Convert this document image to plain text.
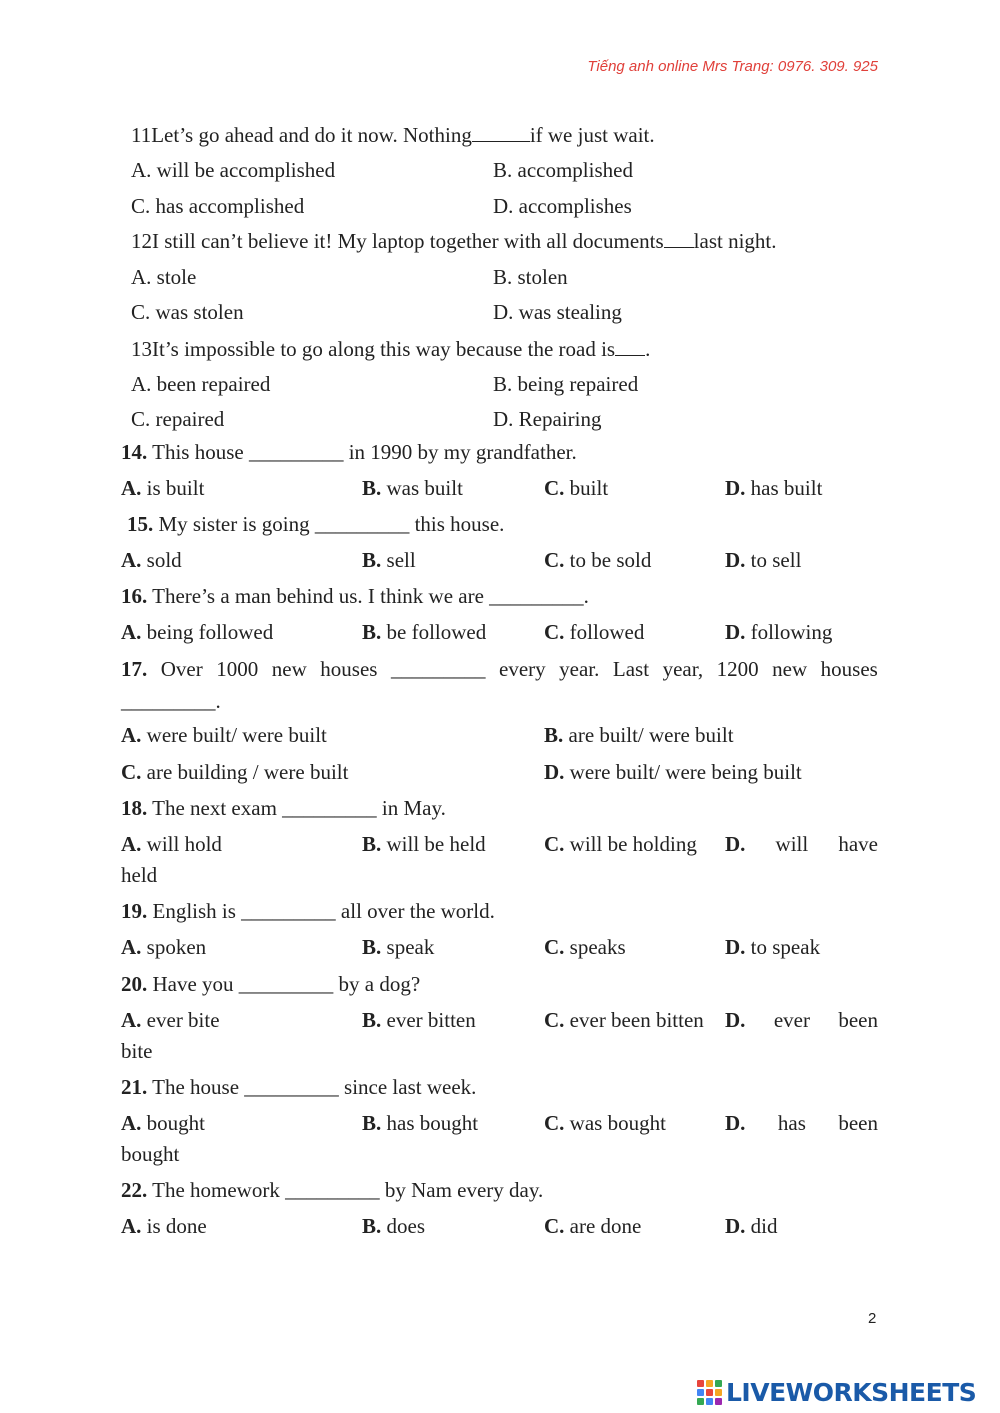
Tiếng anh online Mrs Trang: 0976. 309. 925
11Let’s go ahead and do it now. Nothing	if we just wait.
A. will be accomplished	B. accomplished
C. has accomplished	D. accomplishes
12I still can’t believe it! My laptop together with all documents last night.
A. stole	B. stolen
C. was stolen	D. was stealing
13It’s impossible to go along this way because the road is .
A. been repaired	B. being repaired
C. repaired	D. Repairing
14. This house _________ in 1990 by my grandfather.
A. is built	B. was built	C. built	D. has built
15. My sister is going _________ this house.
A. sold	B. sell	C. to be sold	D. to sell
16. There’s a man behind us. I think we are _________.
A. being followed	B. be followed	C. followed	D. following
17. Over 1000 new houses _________ every year. Last year, 1200 new houses
_________.
A. were built/ were built	B. are built/ were built
C. are building / were built	D. were built/ were being built
18. The next exam _________ in May.
A. will hold	B. will be held	C. will be holding D. will have
held
19. English is _________ all over the world.
A. spoken	B. speak	C. speaks	D. to speak
20. Have you _________ by a dog?
A. ever bite	B. ever bitten	C. ever been bitten D. ever been
bite
21. The house _________ since last week.
A. bought	B. has bought	C. was bought	D. has been
bought
22. The homework _________ by Nam every day.
A. is done	B. does	C. are done	D. did
2
LIVEWORKSHEETS
